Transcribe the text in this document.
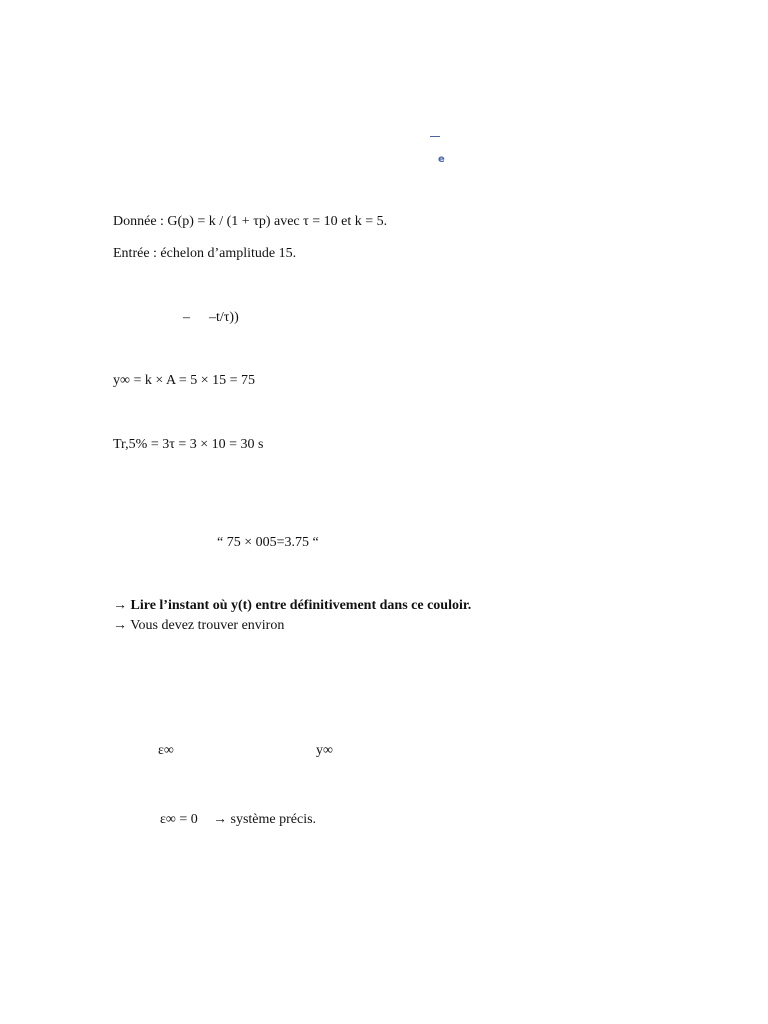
e
Donnée : G(p) = k / (1 + τp) avec τ = 10 et k = 5.
Entrée : échelon d’amplitude 15.
– –t/τ))
y∞ = k × A = 5 × 15 = 75
Tr,5% = 3τ = 3 × 10 = 30 s
“ 75 × 005=3.75 “
→ Lire l’instant où y(t) entre définitivement dans ce couloir.
→ Vous devez trouver environ
ε∞	y∞
ε∞ = 0 → système précis.
